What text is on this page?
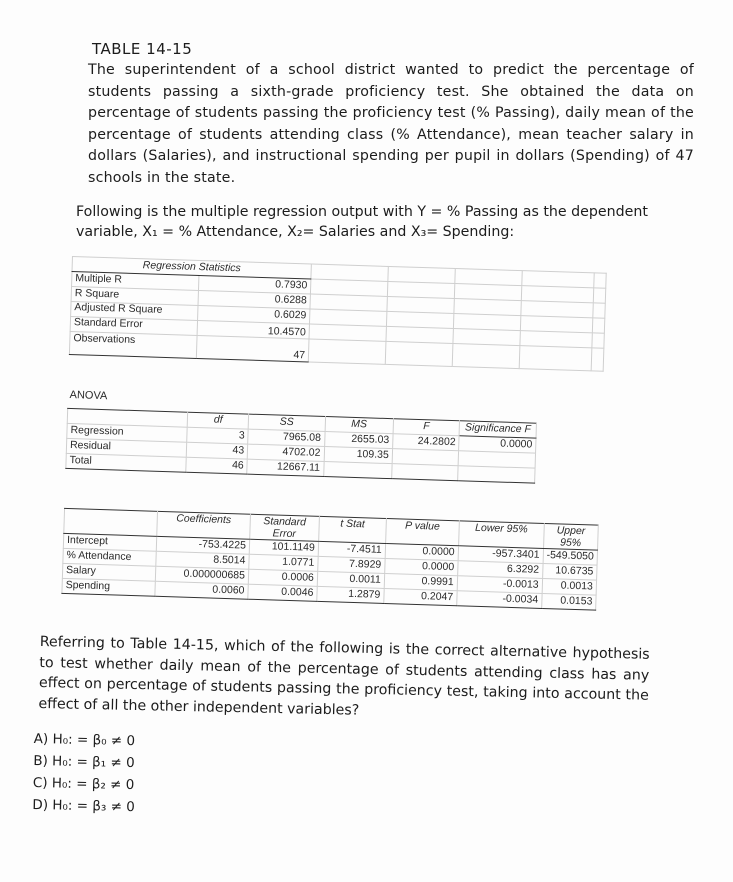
TABLE 14-15
The superintendent of a school district wanted to predict the percentage of students passing a sixth-grade proficiency test. She obtained the data on percentage of students passing the proficiency test (% Passing), daily mean of the percentage of students attending class (% Attendance), mean teacher salary in dollars (Salaries), and instructional spending per pupil in dollars (Spending) of 47 schools in the state.
Following is the multiple regression output with Y = % Passing as the dependent variable, X₁ = % Attendance, X₂= Salaries and X₃= Spending:
Regression Statistics						
Multiple R	0.7930					
R Square	0.6288					
Adjusted R Square	0.6029					
Standard Error	10.4570					
Observations	47					
ANOVA
	df	SS	MS	F	Significance F
Regression	3	7965.08	2655.03	24.2802	0.0000
Residual	43	4702.02	109.35		
Total	46	12667.11			
	Coefficients	Standard Error	t Stat	P value	Lower 95%	Upper 95%
Intercept	-753.4225	101.1149	-7.4511	0.0000	-957.3401	-549.5050
% Attendance	8.5014	1.0771	7.8929	0.0000	6.3292	10.6735
Salary	0.000000685	0.0006	0.0011	0.9991	-0.0013	0.0013
Spending	0.0060	0.0046	1.2879	0.2047	-0.0034	0.0153
Referring to Table 14-15, which of the following is the correct alternative hypothesis to test whether daily mean of the percentage of students attending class has any effect on percentage of students passing the proficiency test, taking into account the effect of all the other independent variables?
A) H₀: = β₀ ≠ 0
B) H₀: = β₁ ≠ 0
C) H₀: = β₂ ≠ 0
D) H₀: = β₃ ≠ 0
